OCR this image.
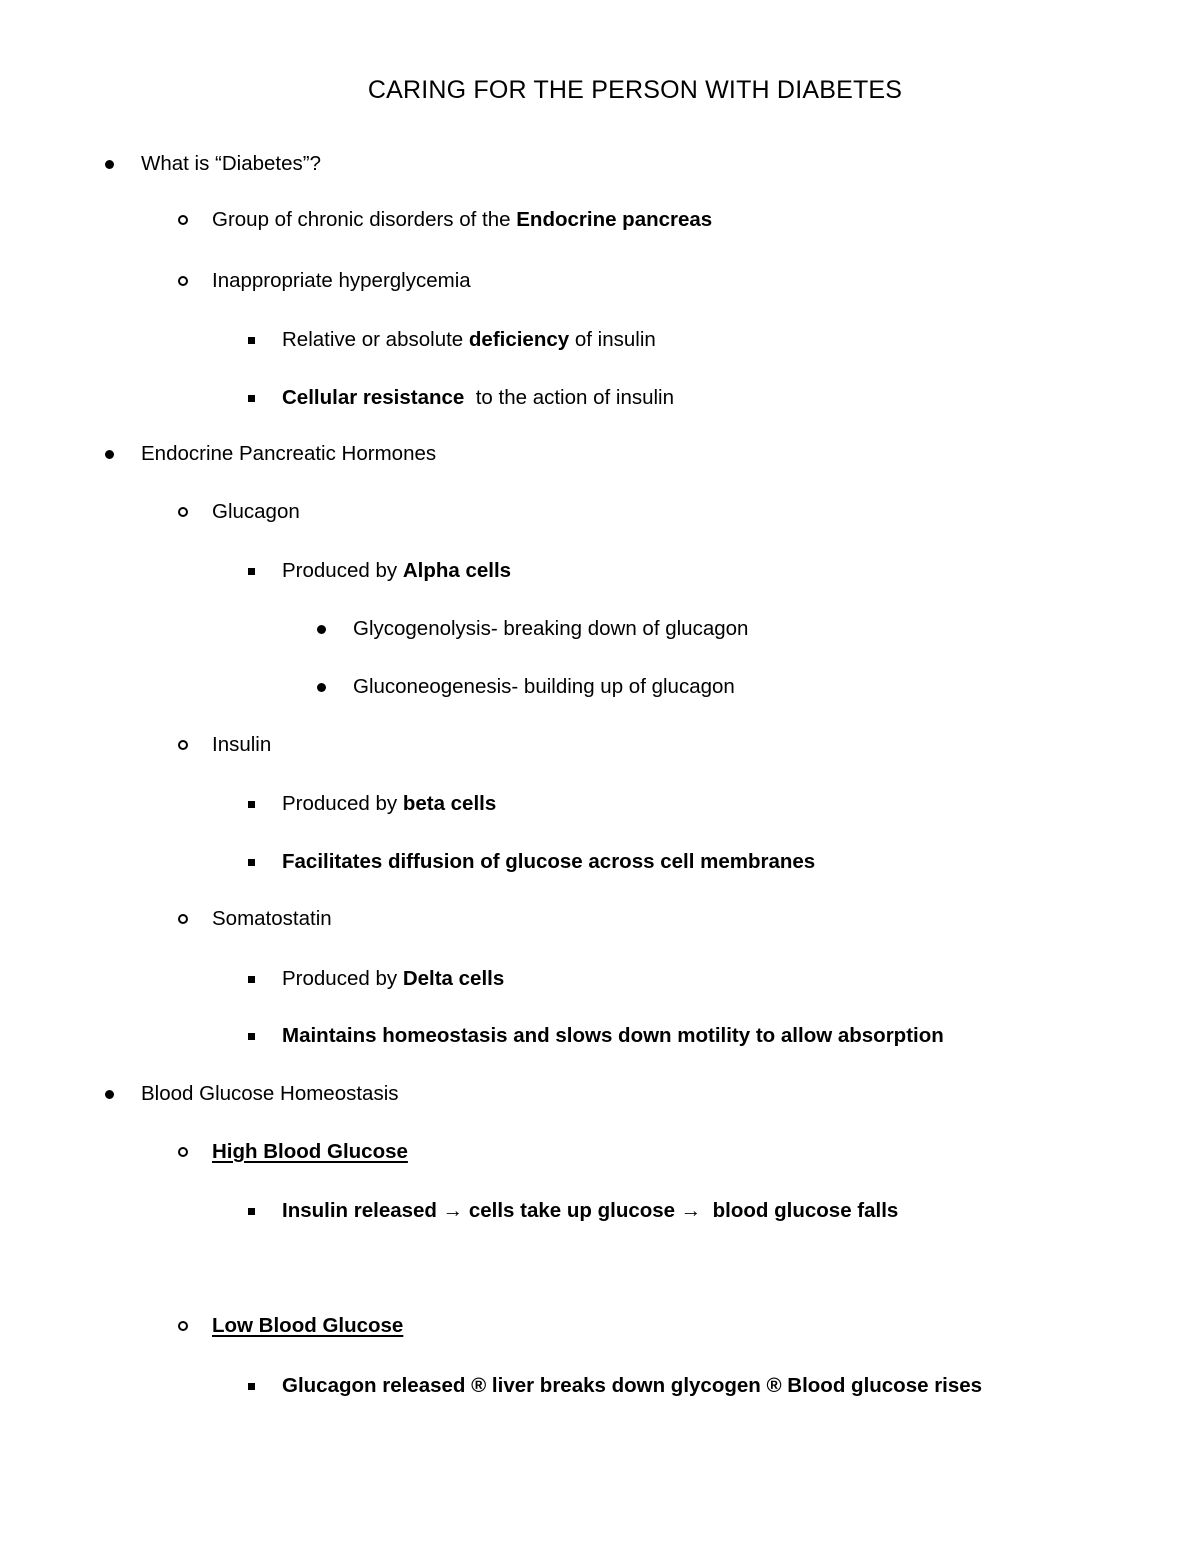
CARING FOR THE PERSON WITH DIABETES
What is “Diabetes”?
Group of chronic disorders of the Endocrine pancreas
Inappropriate hyperglycemia
Relative or absolute deficiency of insulin
Cellular resistance  to the action of insulin
Endocrine Pancreatic Hormones
Glucagon
Produced by Alpha cells
Glycogenolysis- breaking down of glucagon
Gluconeogenesis- building up of glucagon
Insulin
Produced by beta cells
Facilitates diffusion of glucose across cell membranes
Somatostatin
Produced by Delta cells
Maintains homeostasis and slows down motility to allow absorption
Blood Glucose Homeostasis
High Blood Glucose
Insulin released → cells take up glucose →  blood glucose falls
Low Blood Glucose
Glucagon released ® liver breaks down glycogen ® Blood glucose rises
